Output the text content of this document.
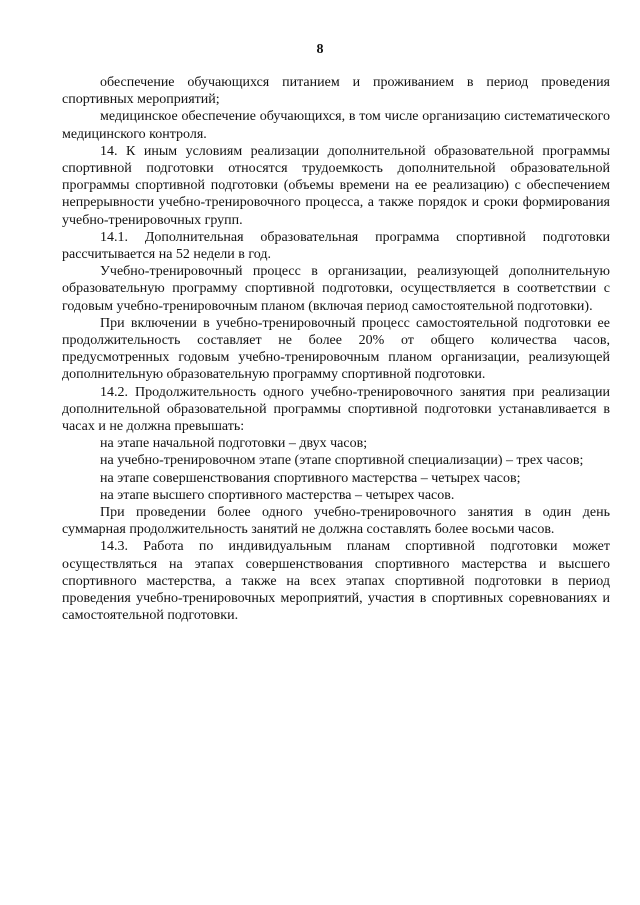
8

обеспечение обучающихся питанием и проживанием в период проведения спортивных мероприятий;

медицинское обеспечение обучающихся, в том числе организацию систематического медицинского контроля.

14. К иным условиям реализации дополнительной образовательной программы спортивной подготовки относятся трудоемкость дополнительной образовательной программы спортивной подготовки (объемы времени на ее реализацию) с обеспечением непрерывности учебно-тренировочного процесса, а также порядок и сроки формирования учебно-тренировочных групп.

14.1. Дополнительная образовательная программа спортивной подготовки рассчитывается на 52 недели в год.

Учебно-тренировочный процесс в организации, реализующей дополнительную образовательную программу спортивной подготовки, осуществляется в соответствии с годовым учебно-тренировочным планом (включая период самостоятельной подготовки).

При включении в учебно-тренировочный процесс самостоятельной подготовки ее продолжительность составляет не более 20% от общего количества часов, предусмотренных годовым учебно-тренировочным планом организации, реализующей дополнительную образовательную программу спортивной подготовки.

14.2. Продолжительность одного учебно-тренировочного занятия при реализации дополнительной образовательной программы спортивной подготовки устанавливается в часах и не должна превышать:

на этапе начальной подготовки – двух часов;

на учебно-тренировочном этапе (этапе спортивной специализации) – трех часов;

на этапе совершенствования спортивного мастерства – четырех часов;

на этапе высшего спортивного мастерства – четырех часов.

При проведении более одного учебно-тренировочного занятия в один день суммарная продолжительность занятий не должна составлять более восьми часов.

14.3. Работа по индивидуальным планам спортивной подготовки может осуществляться на этапах совершенствования спортивного мастерства и высшего спортивного мастерства, а также на всех этапах спортивной подготовки в период проведения учебно-тренировочных мероприятий, участия в спортивных соревнованиях и самостоятельной подготовки.
